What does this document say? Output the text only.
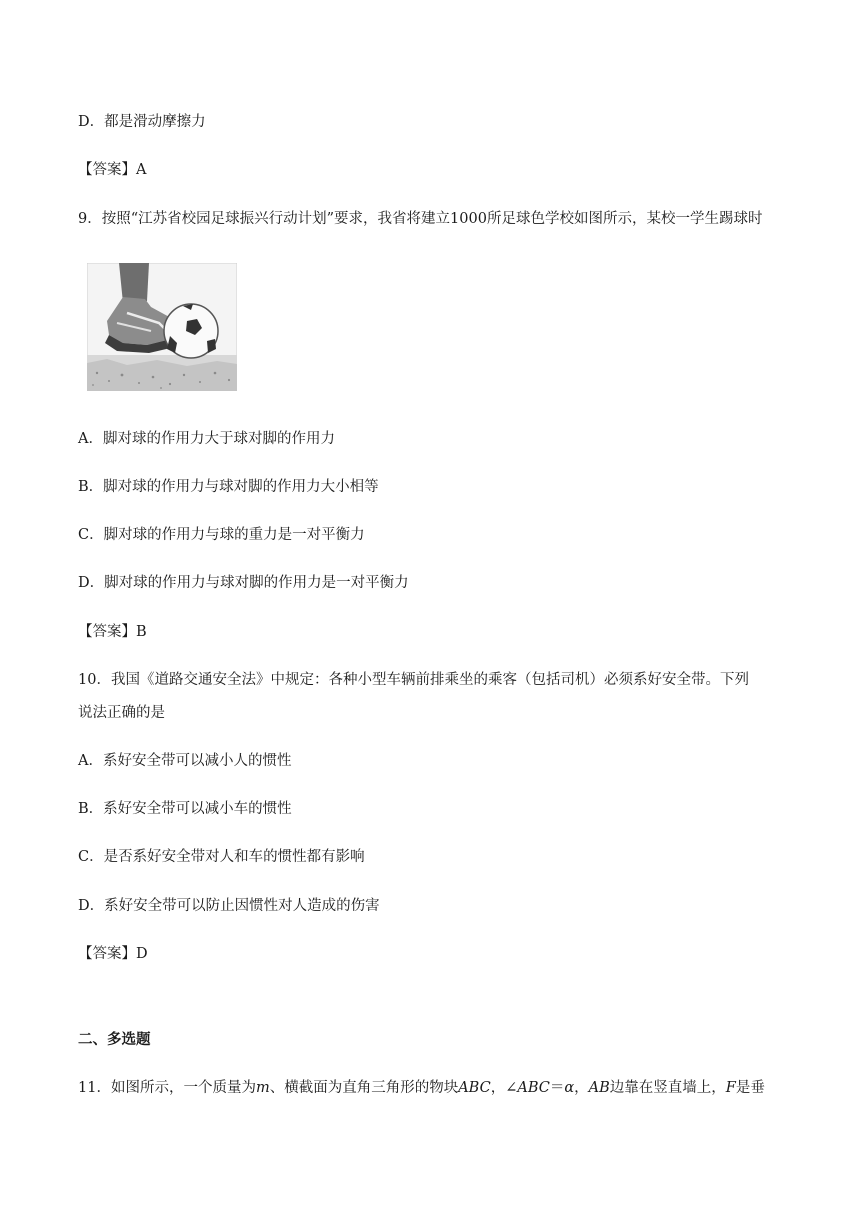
D．都是滑动摩擦力
【答案】A
9．按照“江苏省校园足球振兴行动计划”要求，我省将建立1000所足球色学校如图所示，某校一学生踢球时
A．脚对球的作用力大于球对脚的作用力
B．脚对球的作用力与球对脚的作用力大小相等
C．脚对球的作用力与球的重力是一对平衡力
D．脚对球的作用力与球对脚的作用力是一对平衡力
【答案】B
10．我国《道路交通安全法》中规定：各种小型车辆前排乘坐的乘客（包括司机）必须系好安全带。下列
说法正确的是
A．系好安全带可以减小人的惯性
B．系好安全带可以减小车的惯性
C．是否系好安全带对人和车的惯性都有影响
D．系好安全带可以防止因惯性对人造成的伤害
【答案】D
二、多选题
11．如图所示，一个质量为m、横截面为直角三角形的物块ABC，∠ABC＝α，AB边靠在竖直墙上，F是垂
